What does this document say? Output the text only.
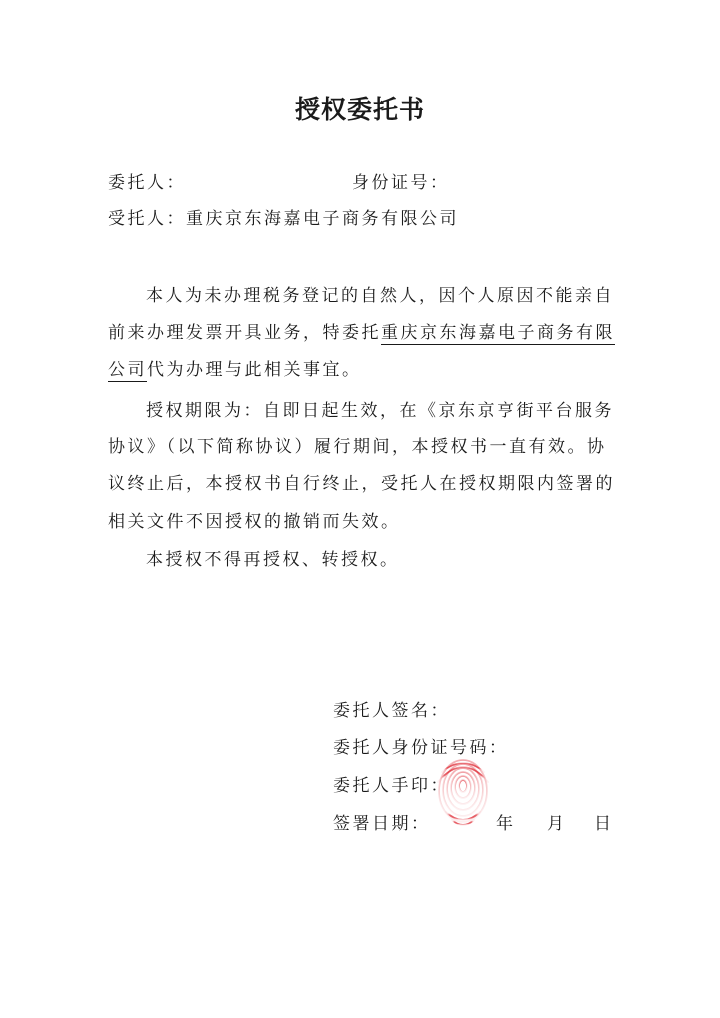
授权委托书
委托人：	身份证号：
受托人：重庆京东海嘉电子商务有限公司
本人为未办理税务登记的自然人，因个人原因不能亲自
前来办理发票开具业务，特委托重庆京东海嘉电子商务有限
公司代为办理与此相关事宜。
授权期限为：自即日起生效，在《京东京亨街平台服务
协议》（以下简称协议）履行期间，本授权书一直有效。协
议终止后，本授权书自行终止，受托人在授权期限内签署的
相关文件不因授权的撤销而失效。
本授权不得再授权、转授权。
委托人签名：
委托人身份证号码：
委托人手印：
签署日期：	年 月 日
